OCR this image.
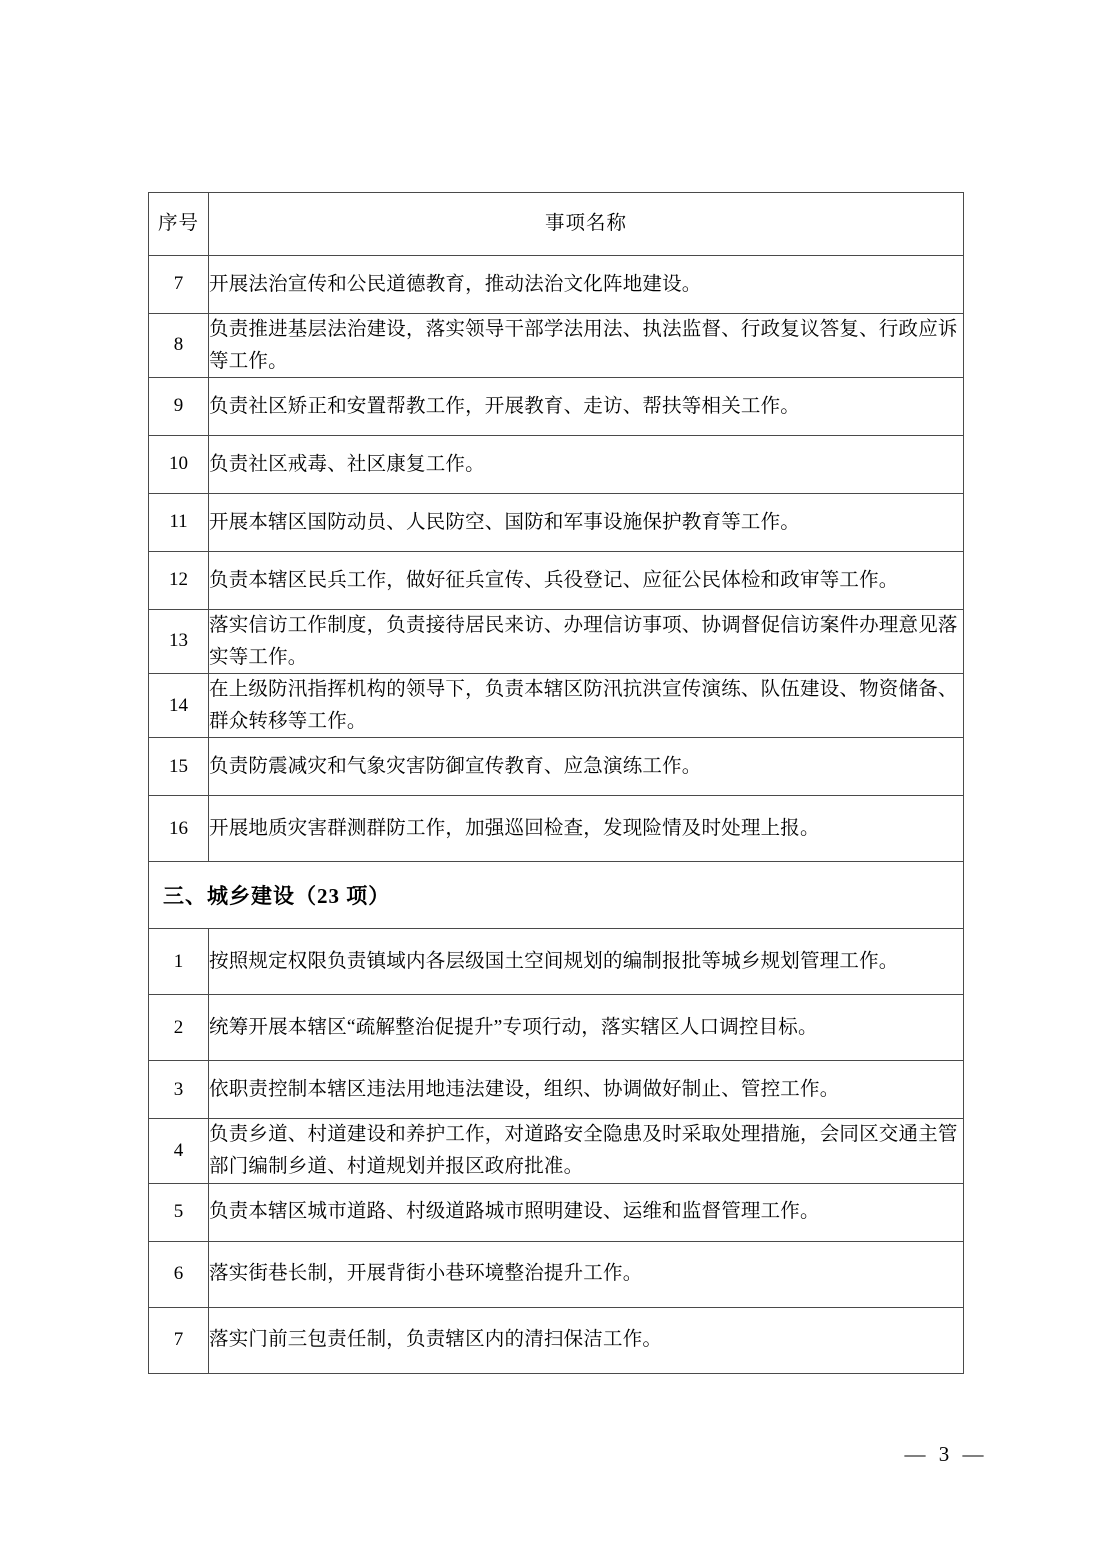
序号	事项名称
7	开展法治宣传和公民道德教育，推动法治文化阵地建设。
8	负责推进基层法治建设，落实领导干部学法用法、执法监督、行政复议答复、行政应诉等工作。
9	负责社区矫正和安置帮教工作，开展教育、走访、帮扶等相关工作。
10	负责社区戒毒、社区康复工作。
11	开展本辖区国防动员、人民防空、国防和军事设施保护教育等工作。
12	负责本辖区民兵工作，做好征兵宣传、兵役登记、应征公民体检和政审等工作。
13	落实信访工作制度，负责接待居民来访、办理信访事项、协调督促信访案件办理意见落实等工作。
14	在上级防汛指挥机构的领导下，负责本辖区防汛抗洪宣传演练、队伍建设、物资储备、群众转移等工作。
15	负责防震减灾和气象灾害防御宣传教育、应急演练工作。
16	开展地质灾害群测群防工作，加强巡回检查，发现险情及时处理上报。
三、城乡建设（23 项）	
1	按照规定权限负责镇域内各层级国土空间规划的编制报批等城乡规划管理工作。
2	统筹开展本辖区“疏解整治促提升”专项行动，落实辖区人口调控目标。
3	依职责控制本辖区违法用地违法建设，组织、协调做好制止、管控工作。
4	负责乡道、村道建设和养护工作，对道路安全隐患及时采取处理措施，会同区交通主管部门编制乡道、村道规划并报区政府批准。
5	负责本辖区城市道路、村级道路城市照明建设、运维和监督管理工作。
6	落实街巷长制，开展背街小巷环境整治提升工作。
7	落实门前三包责任制，负责辖区内的清扫保洁工作。
— 3 —
